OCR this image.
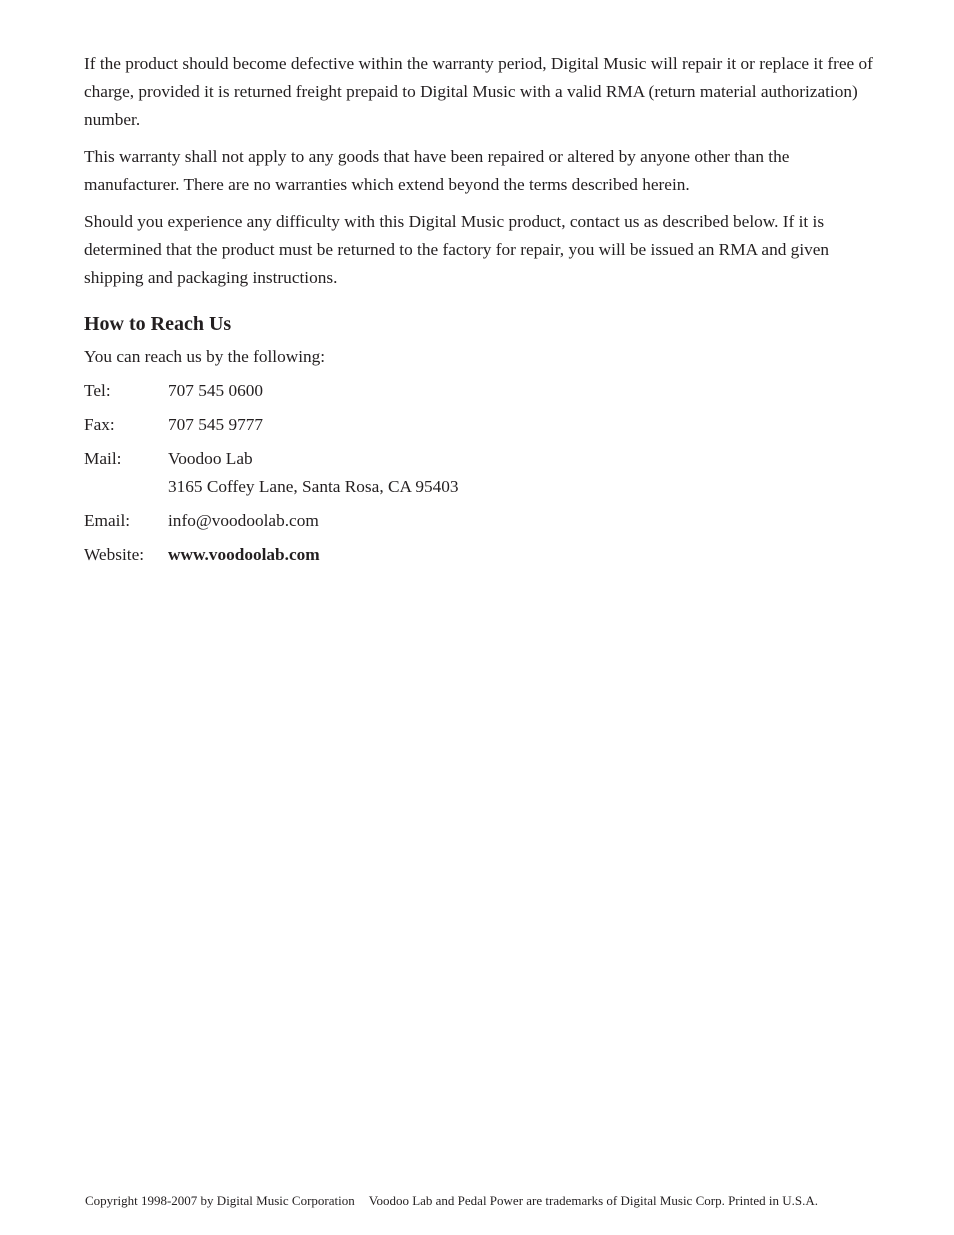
If the product should become defective within the warranty period, Digital Music will repair it or replace it free of charge, provided it is returned freight prepaid to Digital Music with a valid RMA (return material authorization) number.

This warranty shall not apply to any goods that have been repaired or altered by anyone other than the manufacturer. There are no warranties which extend beyond the terms described herein.

Should you experience any difficulty with this Digital Music product, contact us as described below. If it is determined that the product must be returned to the factory for repair, you will be issued an RMA and given shipping and packaging instructions.

How to Reach Us

You can reach us by the following:

Tel:	707 545 0600
Fax:	707 545 9777
Mail:	Voodoo Lab
3165 Coffey Lane, Santa Rosa, CA 95403
Email:	info@voodoolab.com
Website:	www.voodoolab.com
Copyright 1998-2007 by Digital Music Corporation Voodoo Lab and Pedal Power are trademarks of Digital Music Corp. Printed in U.S.A.
